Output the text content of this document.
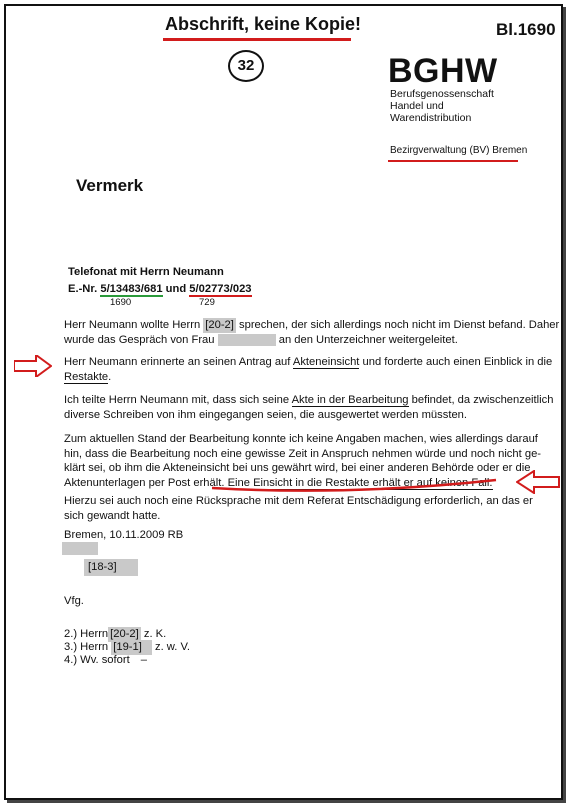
Abschrift, keine Kopie!	Bl.1690
32	BGHW
Berufsgenossenschaft
Handel und
Warendistribution
Bezirgverwaltung (BV) Bremen
Vermerk
Telefonat mit Herrn Neumann
E.-Nr. 5/13483/681 und 5/02773/023
1690	729
Herr Neumann wollte Herrn [20-2] sprechen, der sich allerdings noch nicht im Dienst befand. Daher
wurde das Gespräch von Frau	an den Unterzeichner weitergeleitet.
Herr Neumann erinnerte an seinen Antrag auf Akteneinsicht und forderte auch einen Einblick in die
Restakte.
Ich teilte Herrn Neumann mit, dass sich seine Akte in der Bearbeitung befindet, da zwischenzeitlich
diverse Schreiben von ihm eingegangen seien, die ausgewertet werden müssten.
Zum aktuellen Stand der Bearbeitung konnte ich keine Angaben machen, wies allerdings darauf
hin, dass die Bearbeitung noch eine gewisse Zeit in Anspruch nehmen würde und noch nicht ge-
klärt sei, ob ihm die Akteneinsicht bei uns gewährt wird, bei einer anderen Behörde oder er die
Aktenunterlagen per Post erhält. Eine Einsicht in die Restakte erhält er auf keinen Fall.
Hierzu sei auch noch eine Rücksprache mit dem Referat Entschädigung erforderlich, an das er
sich gewandt hatte.
Bremen, 10.11.2009 RB
[18-3]
Vfg.
2.) Herrn [20-2] z. K.
3.) Herrn [19-1] z. w. V.
4.) Wv. sofort –
